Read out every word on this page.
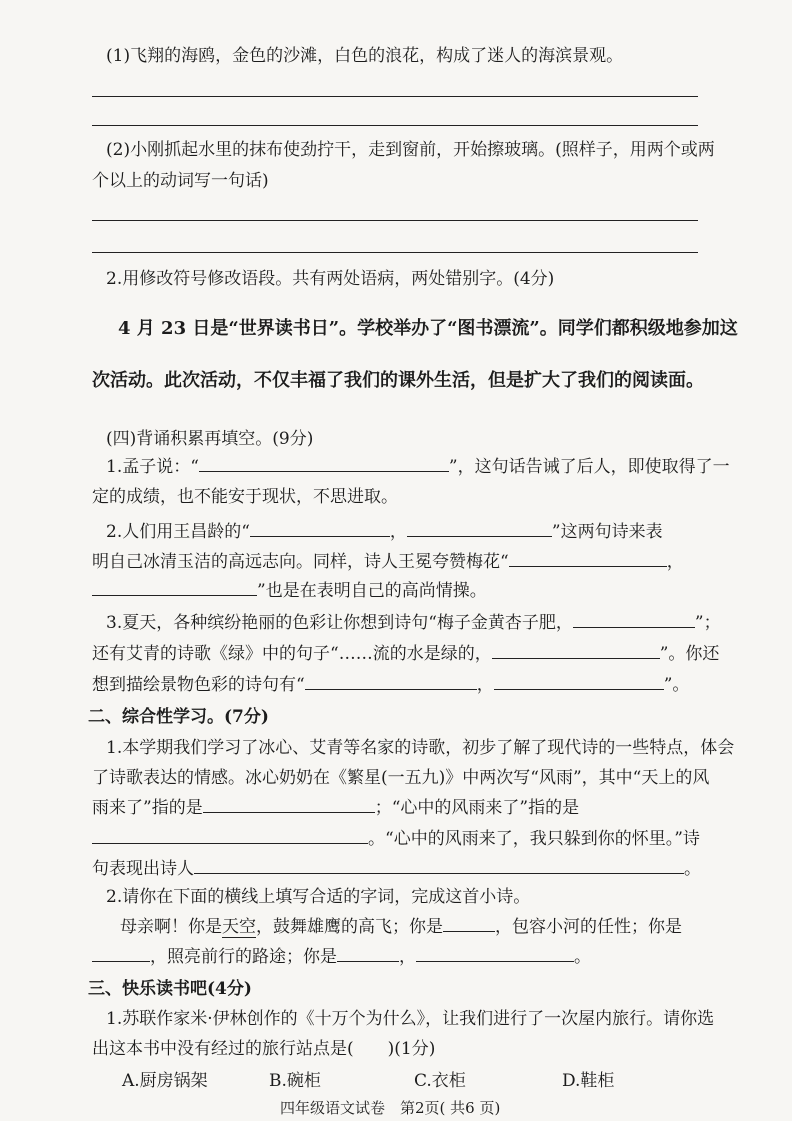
(1)飞翔的海鸥，金色的沙滩，白色的浪花，构成了迷人的海滨景观。
(2)小刚抓起水里的抹布使劲拧干，走到窗前，开始擦玻璃。(照样子，用两个或两
个以上的动词写一句话)
2.用修改符号修改语段。共有两处语病，两处错别字。(4分)
4 月 23 日是“世界读书日”。学校举办了“图书漂流”。同学们都积级地参加这
次活动。此次活动，不仅丰福了我们的课外生活，但是扩大了我们的阅读面。
(四)背诵积累再填空。(9分)
1.孟子说：“	”，这句话告诫了后人，即使取得了一
定的成绩，也不能安于现状，不思进取。
2.人们用王昌龄的“	，	”这两句诗来表
明自己冰清玉洁的高远志向。同样，诗人王冕夸赞梅花“	，
”也是在表明自己的高尚情操。
3.夏天，各种缤纷艳丽的色彩让你想到诗句“梅子金黄杏子肥，	”；
还有艾青的诗歌《绿》中的句子“……流的水是绿的，	”。你还
想到描绘景物色彩的诗句有“	，	”。
二、综合性学习。(7分)
1.本学期我们学习了冰心、艾青等名家的诗歌，初步了解了现代诗的一些特点，体会
了诗歌表达的情感。冰心奶奶在《繁星(一五九)》中两次写“风雨”，其中“天上的风
雨来了”指的是	；“心中的风雨来了”指的是
。“心中的风雨来了，我只躲到你的怀里。”诗
句表现出诗人	。
2.请你在下面的横线上填写合适的字词，完成这首小诗。
母亲啊！你是天空，鼓舞雄鹰的高飞；你是	，包容小河的任性；你是
，照亮前行的路途；你是	，	。
三、快乐读书吧(4分)
1.苏联作家米·伊林创作的《十万个为什么》，让我们进行了一次屋内旅行。请你选
出这本书中没有经过的旅行站点是(　　)(1分)
A.厨房锅架	B.碗柜	C.衣柜	D.鞋柜
四年级语文试卷　第2页( 共6 页)
